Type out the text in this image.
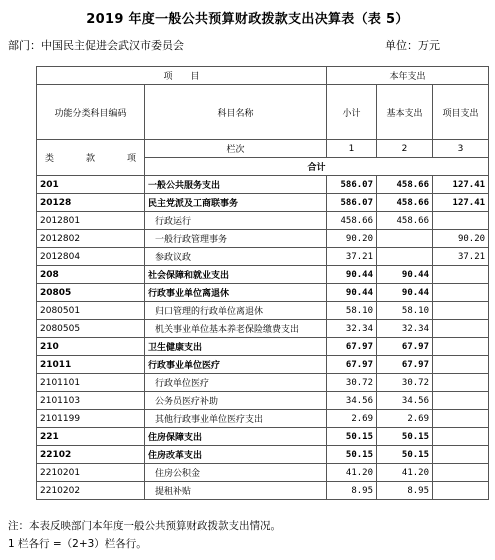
2019 年度一般公共预算财政拨款支出决算表（表 5）
部门：中国民主促进会武汉市委员会	单位：万元
项　　目		本年支出			
功能分类科目编码	科目名称	小计	基本支出	项目支出	

类 款 项	栏次	1	2	3	
	合计			
201	一般公共服务支出	586.07	458.66	127.41	
20128	民主党派及工商联事务	586.07	458.66	127.41	
2012801	行政运行	458.66	458.66		
2012802	一般行政管理事务	90.20		90.20	
2012804	参政议政	37.21		37.21	
208	社会保障和就业支出	90.44	90.44		
20805	行政事业单位离退休	90.44	90.44		
2080501	归口管理的行政单位离退休	58.10	58.10		
2080505	机关事业单位基本养老保险缴费支出	32.34	32.34		
210	卫生健康支出	67.97	67.97		
21011	行政事业单位医疗	67.97	67.97		
2101101	行政单位医疗	30.72	30.72		
2101103	公务员医疗补助	34.56	34.56		
2101199	其他行政事业单位医疗支出	2.69	2.69		
221	住房保障支出	50.15	50.15		
22102	住房改革支出	50.15	50.15		
2210201	住房公积金	41.20	41.20		
2210202	提租补贴	8.95	8.95		
注：本表反映部门本年度一般公共预算财政拨款支出情况。
1 栏各行 =（2+3）栏各行。
